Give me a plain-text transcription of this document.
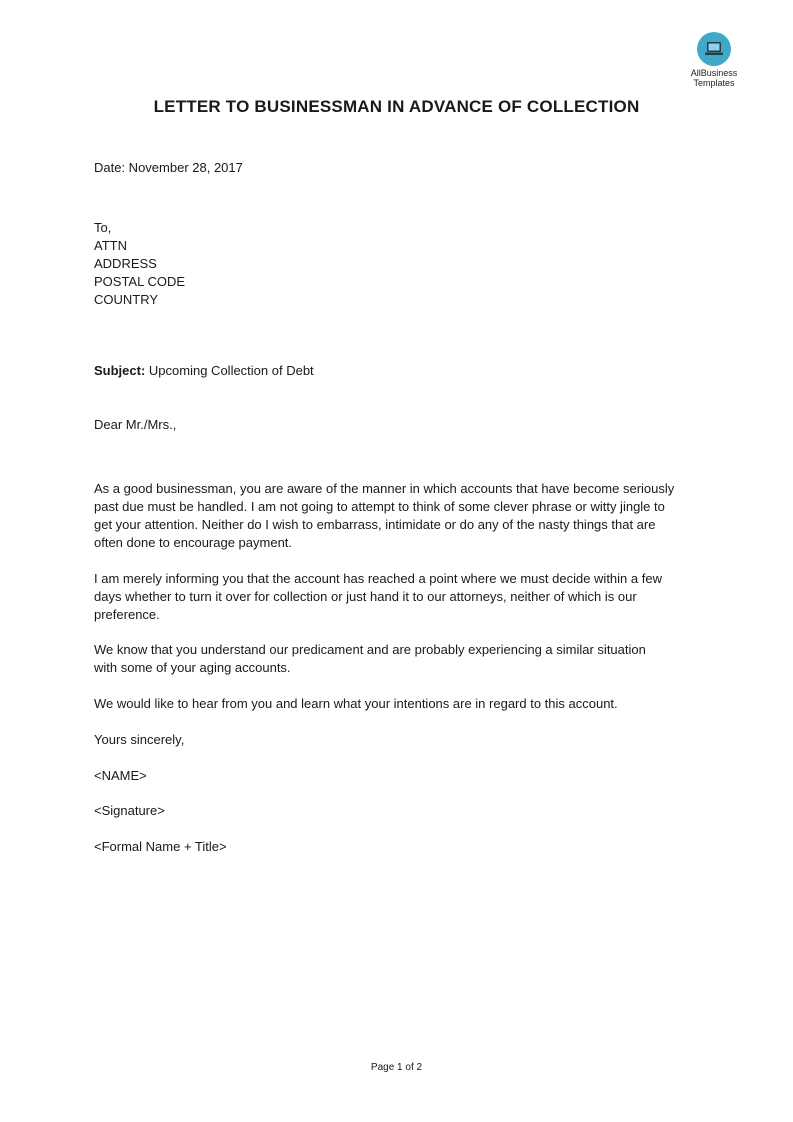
AllBusiness
Templates
LETTER TO BUSINESSMAN IN ADVANCE OF COLLECTION
Date: November 28, 2017
To,
ATTN
ADDRESS
POSTAL CODE
COUNTRY
Subject: Upcoming Collection of Debt
Dear Mr./Mrs.,
As a good businessman, you are aware of the manner in which accounts that have become seriously
past due must be handled. I am not going to attempt to think of some clever phrase or witty jingle to
get your attention. Neither do I wish to embarrass, intimidate or do any of the nasty things that are
often done to encourage payment.
I am merely informing you that the account has reached a point where we must decide within a few
days whether to turn it over for collection or just hand it to our attorneys, neither of which is our
preference.
We know that you understand our predicament and are probably experiencing a similar situation
with some of your aging accounts.
We would like to hear from you and learn what your intentions are in regard to this account.
Yours sincerely,
<NAME>
<Signature>
<Formal Name + Title>
Page 1 of 2
